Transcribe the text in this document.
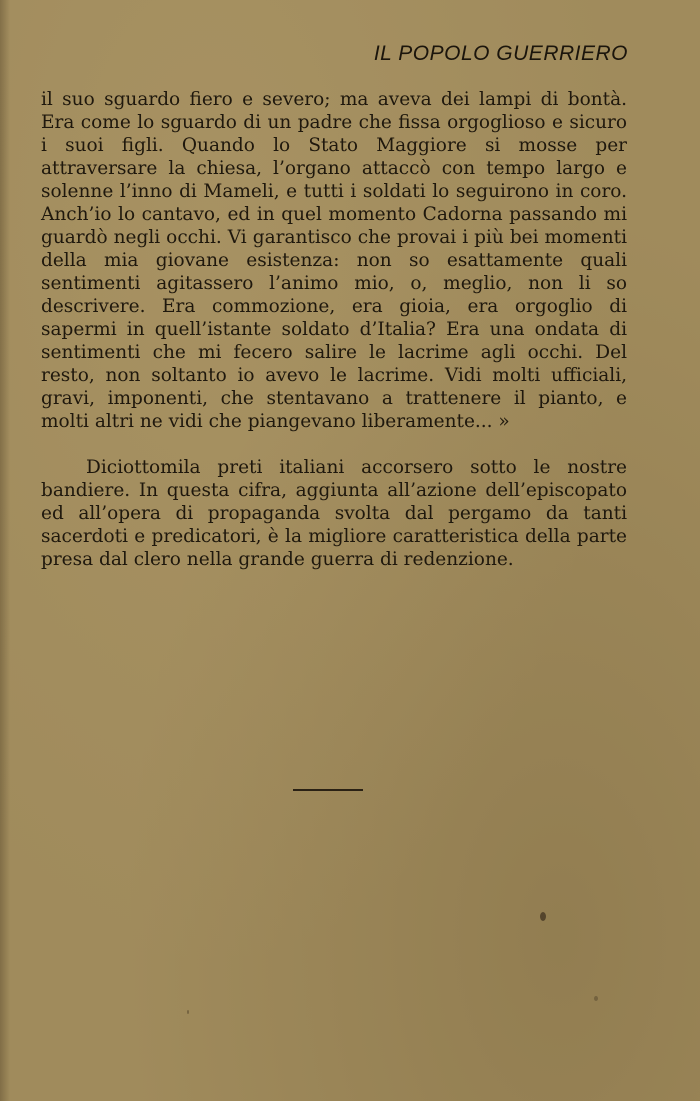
IL POPOLO GUERRIERO

il suo sguardo fiero e severo; ma aveva dei lampi di bontà. Era come lo sguardo di un padre che fissa orgoglioso e sicuro i suoi figli. Quando lo Stato Maggiore si mosse per attraversare la chiesa, l’organo attaccò con tempo largo e solenne l’inno di Mameli, e tutti i soldati lo seguirono in coro. Anch’io lo cantavo, ed in quel momento Cadorna passando mi guardò negli occhi. Vi garantisco che provai i più bei momenti della mia giovane esistenza: non so esattamente quali sentimenti agitassero l’animo mio, o, meglio, non li so descrivere. Era commozione, era gioia, era orgoglio di sapermi in quell’istante soldato d’Italia? Era una ondata di sentimenti che mi fecero salire le lacrime agli occhi. Del resto, non soltanto io avevo le lacrime. Vidi molti ufficiali, gravi, imponenti, che stentavano a trattenere il pianto, e molti altri ne vidi che piangevano liberamente... »

Diciottomila preti italiani accorsero sotto le nostre bandiere. In questa cifra, aggiunta all’azione dell’episcopato ed all’opera di propaganda svolta dal pergamo da tanti sacerdoti e predicatori, è la migliore caratteristica della parte presa dal clero nella grande guerra di redenzione.
